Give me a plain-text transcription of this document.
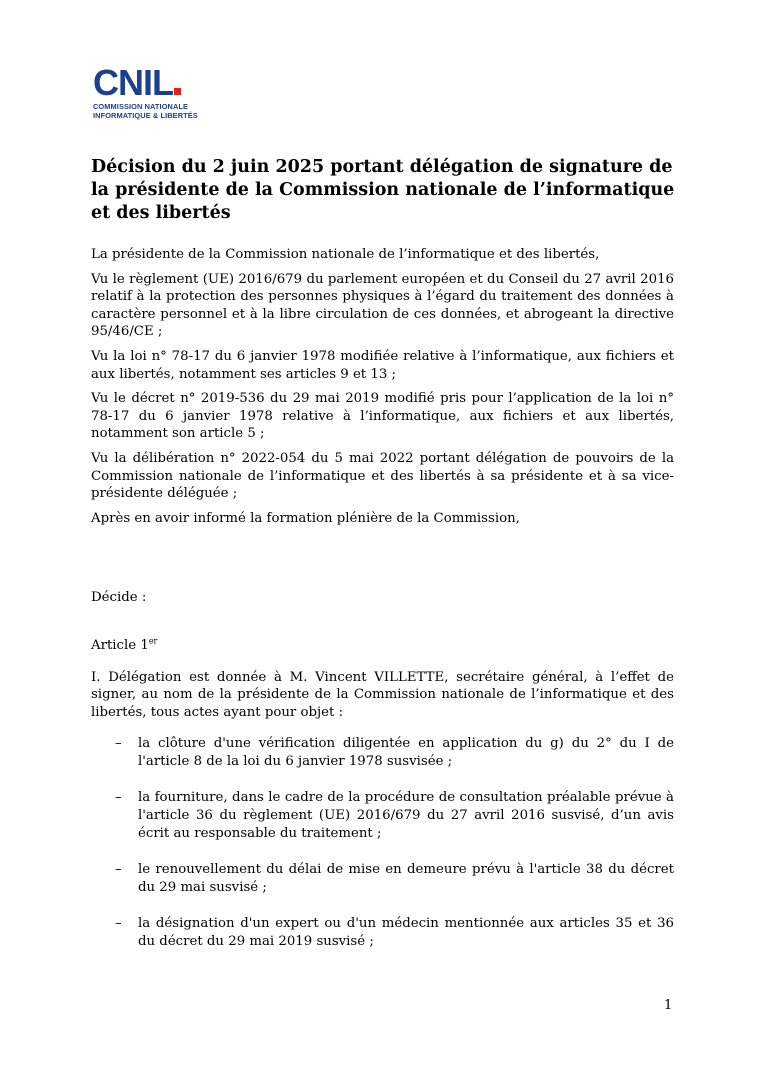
CNIL
COMMISSION NATIONALE
INFORMATIQUE & LIBERTÉS
Décision du 2 juin 2025 portant délégation de signature de la présidente de la Commission nationale de l’informatique et des libertés

La présidente de la Commission nationale de l’informatique et des libertés,

Vu le règlement (UE) 2016/679 du parlement européen et du Conseil du 27 avril 2016 relatif à la protection des personnes physiques à l’égard du traitement des données à caractère personnel et à la libre circulation de ces données, et abrogeant la directive 95/46/CE ;

Vu la loi n° 78-17 du 6 janvier 1978 modifiée relative à l’informatique, aux fichiers et aux libertés, notamment ses articles 9 et 13 ;

Vu le décret n° 2019-536 du 29 mai 2019 modifié pris pour l’application de la loi n° 78-17 du 6 janvier 1978 relative à l’informatique, aux fichiers et aux libertés, notamment son article 5 ;

Vu la délibération n° 2022-054 du 5 mai 2022 portant délégation de pouvoirs de la Commission nationale de l’informatique et des libertés à sa présidente et à sa vice-présidente déléguée ;

Après en avoir informé la formation plénière de la Commission,

Décide :

Article 1er

I. Délégation est donnée à M. Vincent VILLETTE, secrétaire général, à l’effet de signer, au nom de la présidente de la Commission nationale de l’informatique et des libertés, tous actes ayant pour objet :

– la clôture d'une vérification diligentée en application du g) du 2° du I de l'article 8 de la loi du 6 janvier 1978 susvisée ;
– la fourniture, dans le cadre de la procédure de consultation préalable prévue à l'article 36 du règlement (UE) 2016/679 du 27 avril 2016 susvisé, d’un avis écrit au responsable du traitement ;
– le renouvellement du délai de mise en demeure prévu à l'article 38 du décret du 29 mai susvisé ;
– la désignation d'un expert ou d'un médecin mentionnée aux articles 35 et 36 du décret du 29 mai 2019 susvisé ;
1
